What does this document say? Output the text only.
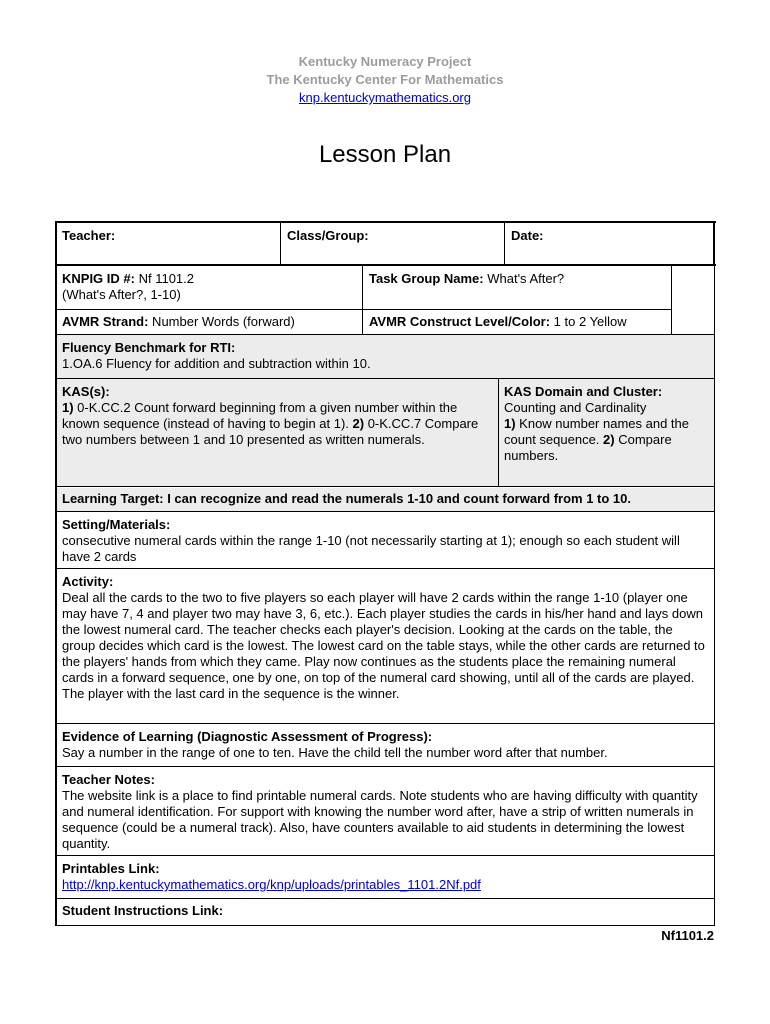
Kentucky Numeracy Project
The Kentucky Center For Mathematics
knp.kentuckymathematics.org
Lesson Plan
Teacher:	Class/Group:	Date:
KNPIG ID #: Nf 1101.2
(What's After?, 1-10)
Task Group Name: What's After?
AVMR Strand: Number Words (forward)	AVMR Construct Level/Color: 1 to 2 Yellow
Fluency Benchmark for RTI:
1.OA.6 Fluency for addition and subtraction within 10.
KAS(s):
1) 0-K.CC.2 Count forward beginning from a given number within the known sequence (instead of having to begin at 1). 2) 0-K.CC.7 Compare two numbers between 1 and 10 presented as written numerals.
KAS Domain and Cluster:
Counting and Cardinality
1) Know number names and the count sequence. 2) Compare numbers.
Learning Target: I can recognize and read the numerals 1-10 and count forward from 1 to 10.
Setting/Materials:
consecutive numeral cards within the range 1-10 (not necessarily starting at 1); enough so each student will have 2 cards
Activity:
Deal all the cards to the two to five players so each player will have 2 cards within the range 1-10 (player one may have 7, 4 and player two may have 3, 6, etc.). Each player studies the cards in his/her hand and lays down the lowest numeral card. The teacher checks each player's decision. Looking at the cards on the table, the group decides which card is the lowest. The lowest card on the table stays, while the other cards are returned to the players' hands from which they came. Play now continues as the students place the remaining numeral cards in a forward sequence, one by one, on top of the numeral card showing, until all of the cards are played. The player with the last card in the sequence is the winner.
Evidence of Learning (Diagnostic Assessment of Progress):
Say a number in the range of one to ten. Have the child tell the number word after that number.
Teacher Notes:
The website link is a place to find printable numeral cards. Note students who are having difficulty with quantity and numeral identification. For support with knowing the number word after, have a strip of written numerals in sequence (could be a numeral track). Also, have counters available to aid students in determining the lowest quantity.
Printables Link:
http://knp.kentuckymathematics.org/knp/uploads/printables_1101.2Nf.pdf
Student Instructions Link:
Nf1101.2
